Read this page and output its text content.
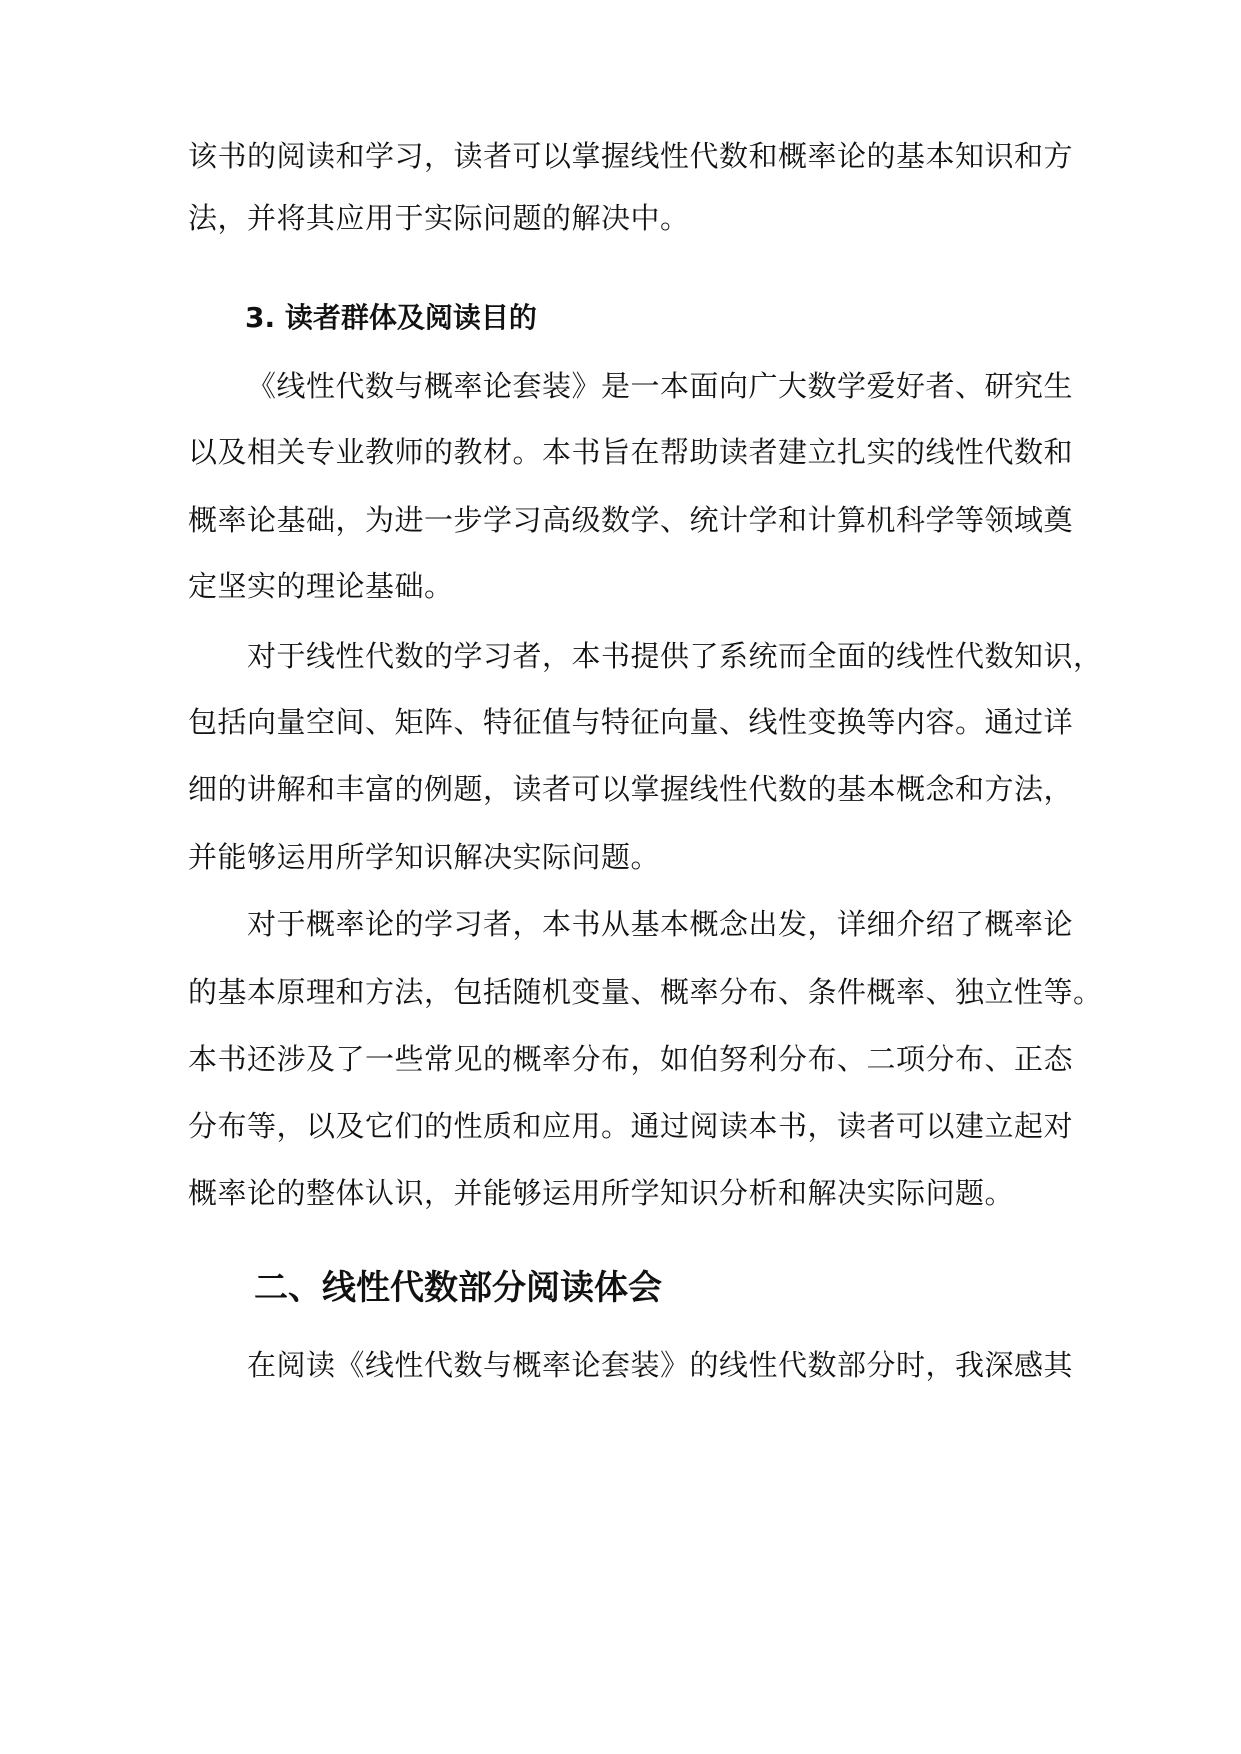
该书的阅读和学习，读者可以掌握线性代数和概率论的基本知识和方
法，并将其应用于实际问题的解决中。
3. 读者群体及阅读目的
《线性代数与概率论套装》是一本面向广大数学爱好者、研究生
以及相关专业教师的教材。本书旨在帮助读者建立扎实的线性代数和
概率论基础，为进一步学习高级数学、统计学和计算机科学等领域奠
定坚实的理论基础。
对于线性代数的学习者，本书提供了系统而全面的线性代数知识，
包括向量空间、矩阵、特征值与特征向量、线性变换等内容。通过详
细的讲解和丰富的例题，读者可以掌握线性代数的基本概念和方法，
并能够运用所学知识解决实际问题。
对于概率论的学习者，本书从基本概念出发，详细介绍了概率论
的基本原理和方法，包括随机变量、概率分布、条件概率、独立性等。
本书还涉及了一些常见的概率分布，如伯努利分布、二项分布、正态
分布等，以及它们的性质和应用。通过阅读本书，读者可以建立起对
概率论的整体认识，并能够运用所学知识分析和解决实际问题。
二、线性代数部分阅读体会
在阅读《线性代数与概率论套装》的线性代数部分时，我深感其
